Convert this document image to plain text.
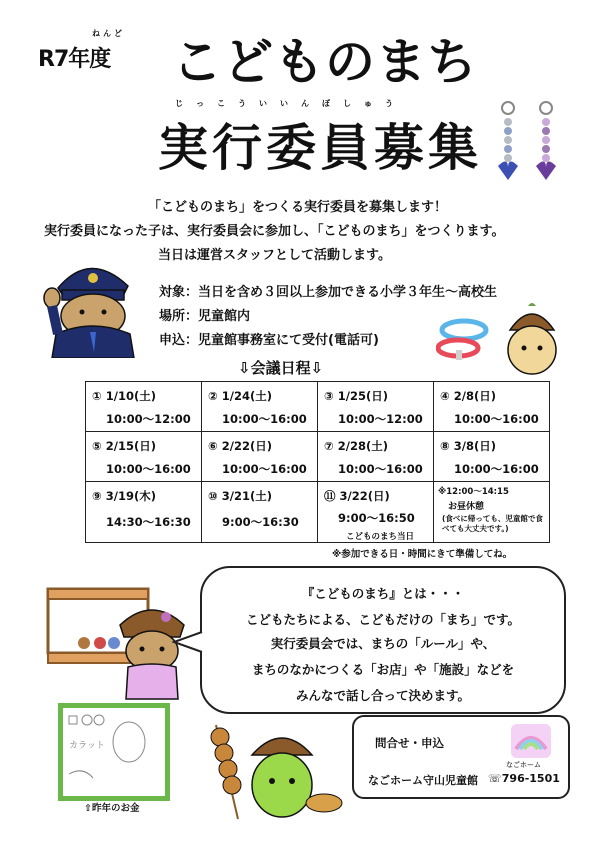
ねんど
R7年度 こどものまち
じっこういいんぼしゅう
実行委員募集
「こどものまち」をつくる実行委員を募集します！
実行委員になった子は、実行委員会に参加し、「こどものまち」をつくります。
当日は運営スタッフとして活動します。
対象：当日を含め３回以上参加できる小学３年生～高校生
場所：児童館内
申込：児童館事務室にて受付(電話可)
⇩会議日程⇩
① 1/10(土)
10:00～12:00	② 1/24(土)
10:00～16:00	③ 1/25(日)
10:00～12:00	④ 2/8(日)
10:00～16:00

⑤ 2/15(日)
10:00～16:00	⑥ 2/22(日)
10:00～16:00	⑦ 2/28(土)
10:00～16:00	⑧ 3/8(日)
10:00～16:00

⑨ 3/19(木)
14:30～16:30	⑩ 3/21(土)
9:00～16:30	⑪ 3/22(日)
9:00～16:50
こどものまち当日	※12:00～14:15
お昼休憩
(食べに帰っても、児童館で食べても大丈夫です。)
※参加できる日・時間にきて準備してね。
『こどものまち』とは・・・
こどもたちによる、こどもだけの「まち」です。
実行委員会では、まちの「ルール」や、
まちのなかにつくる「お店」や「施設」などを
みんなで話し合って決めます。
カラット
⇧昨年のお金
問合せ・申込
なごホーム守山児童館 ☏796-1501
なごホーム
